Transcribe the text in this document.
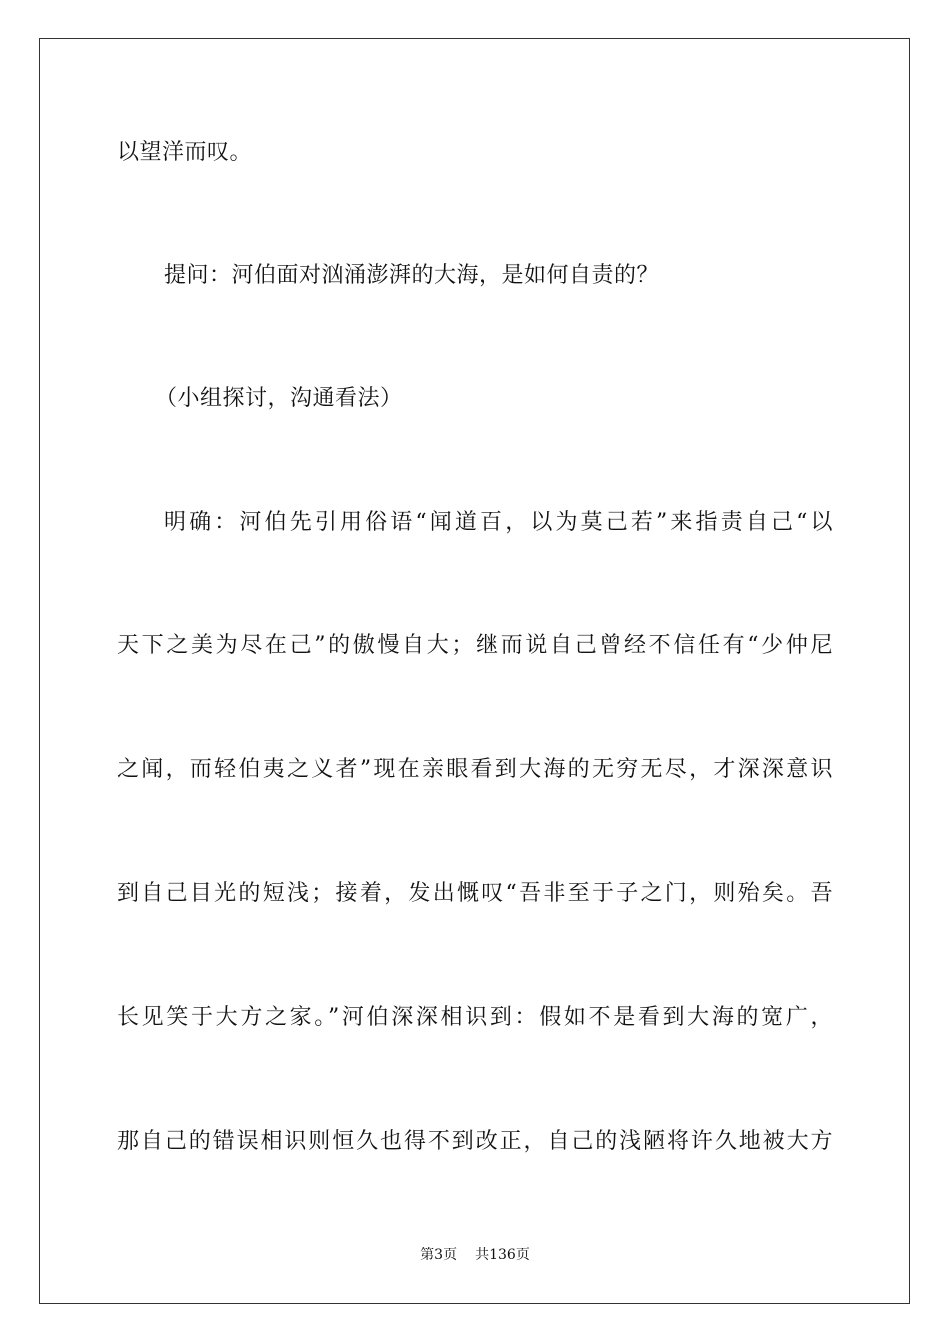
以望洋而叹。
提问：河伯面对汹涌澎湃的大海，是如何自责的？
（小组探讨，沟通看法）
明确：河伯先引用俗语“闻道百，以为莫己若”来指责自己“以
天下之美为尽在己”的傲慢自大；继而说自己曾经不信任有“少仲尼
之闻，而轻伯夷之义者”现在亲眼看到大海的无穷无尽，才深深意识
到自己目光的短浅；接着，发出慨叹“吾非至于子之门，则殆矣。吾
长见笑于大方之家。”河伯深深相识到：假如不是看到大海的宽广，
那自己的错误相识则恒久也得不到改正，自己的浅陋将许久地被大方
第3页 共136页
